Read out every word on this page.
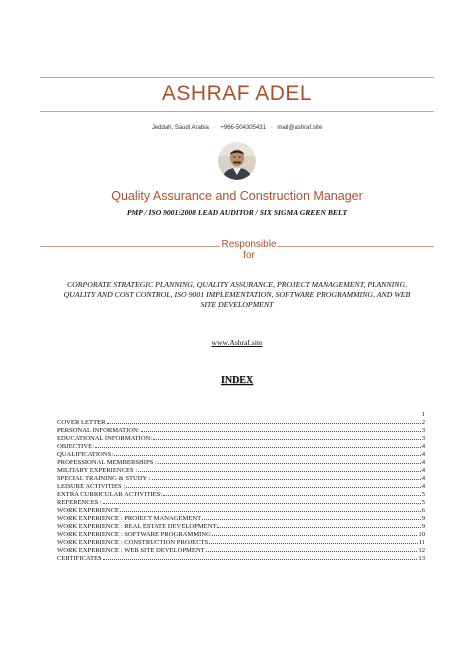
ASHRAF ADEL
Jeddah, Saudi Arabia ◦ +966-504305431 ◦ mail@ashraf.site
Quality Assurance and Construction Manager
PMP / ISO 9001:2008 LEAD AUDITOR / SIX SIGMA GREEN BELT
Responsible for
CORPORATE STRATEGIC PLANNING, QUALITY ASSURANCE, PROJECT MANAGEMENT, PLANNING, QUALITY AND COST CONTROL, ISO 9001 IMPLEMENTATION, SOFTWARE PROGRAMMING, AND WEB SITE DEVELOPMENT
www.Ashraf.site
INDEX
1
COVER LETTER	2
PERSONAL INFORMATION:	3
EDUCATIONAL INFORMATION:	3
OBJECTIVE:	4
QUALIFICATIONS:	4
PROFESSIONAL MEMBERSHIPS :	4
MILITARY EXPERIENCES :	4
SPECIAL TRAINING & STUDY :	4
LEISURE ACTIVITIES :	4
EXTRA CURRICULAR ACTIVITIES:	5
REFERENCES :	5
WORK EXPERIENCE	6
WORK EXPERIENCE : PROJECT MANAGEMENT	9
WORK EXPERIENCE : REAL ESTATE DEVELOPMENT	9
WORK EXPERIENCE : SOFTWARE PROGRAMMING	10
WORK EXPERIENCE : CONSTRUCTION PROJECTS	11
WORK EXPERIENCE : WEB SITE DEVELOPMENT	12
CERTIFICATES	13
